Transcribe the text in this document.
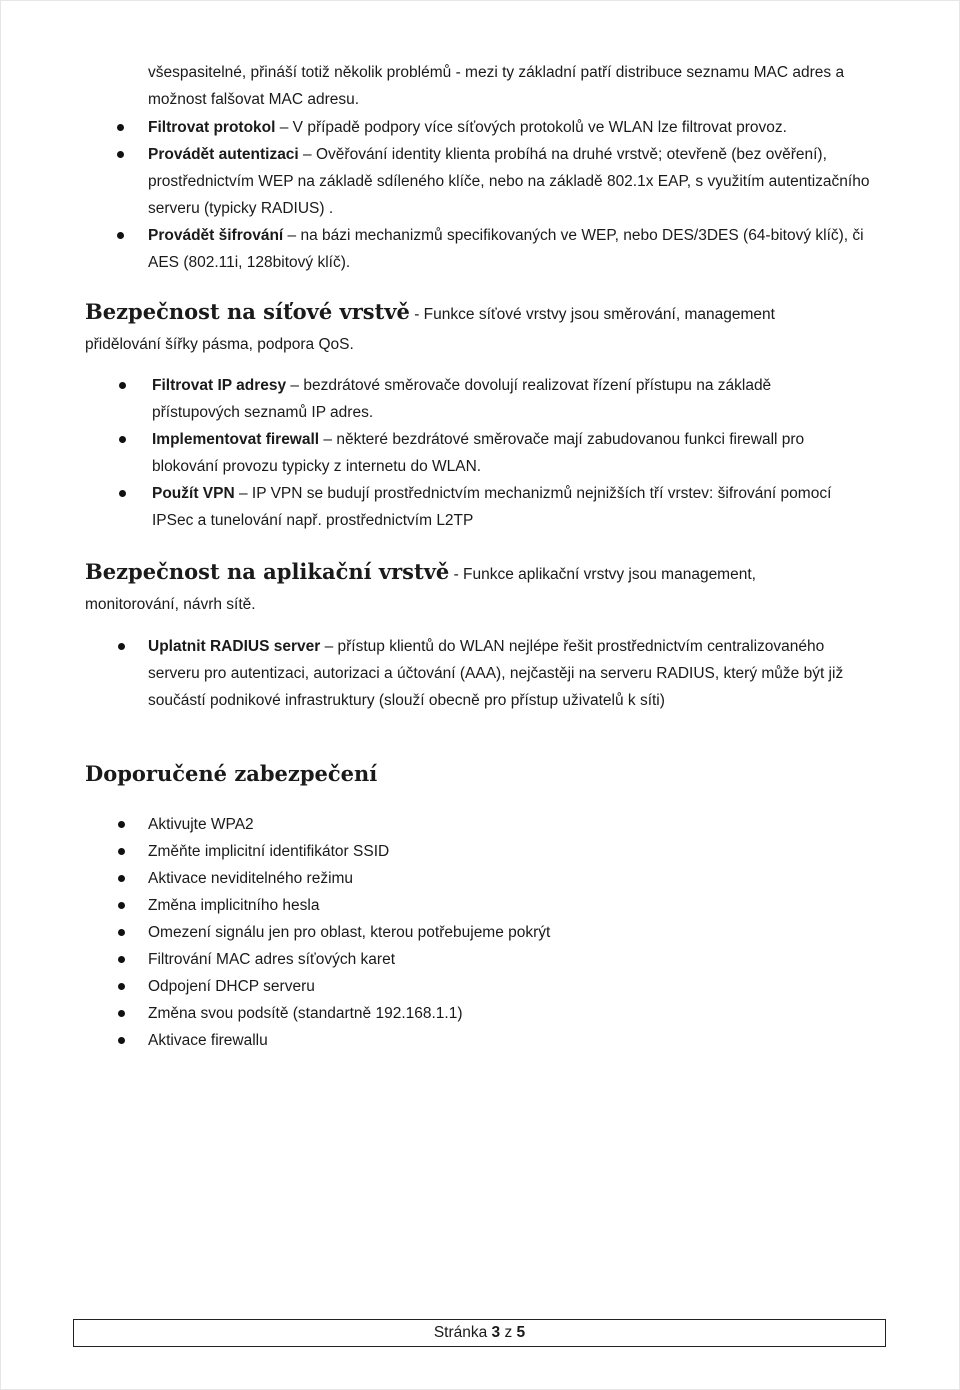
všespasitelné, přináší totiž několik problémů - mezi ty základní patří distribuce seznamu MAC adres a možnost falšovat MAC adresu.

Filtrovat protokol – V případě podpory více síťových protokolů ve WLAN lze filtrovat provoz.
Provádět autentizaci – Ověřování identity klienta probíhá na druhé vrstvě; otevřeně (bez ověření), prostřednictvím WEP na základě sdíleného klíče, nebo na základě 802.1x EAP, s využitím autentizačního serveru (typicky RADIUS) .
Provádět šifrování – na bázi mechanizmů specifikovaných ve WEP, nebo DES/3DES (64-bitový klíč), či AES (802.11i, 128bitový klíč).
Bezpečnost na síťové vrstvě - Funkce síťové vrstvy jsou směrování, management přidělování šířky pásma, podpora QoS.
Filtrovat IP adresy – bezdrátové směrovače dovolují realizovat řízení přístupu na základě přístupových seznamů IP adres.
Implementovat firewall – některé bezdrátové směrovače mají zabudovanou funkci firewall pro blokování provozu typicky z internetu do WLAN.
Použít VPN – IP VPN se budují prostřednictvím mechanizmů nejnižších tří vrstev: šifrování pomocí IPSec a tunelování např. prostřednictvím L2TP
Bezpečnost na aplikační vrstvě - Funkce aplikační vrstvy jsou management, monitorování, návrh sítě.
Uplatnit RADIUS server – přístup klientů do WLAN nejlépe řešit prostřednictvím centralizovaného serveru pro autentizaci, autorizaci a účtování (AAA), nejčastěji na serveru RADIUS, který může být již součástí podnikové infrastruktury (slouží obecně pro přístup uživatelů k síti)
Doporučené zabezpečení
Aktivujte WPA2
Změňte implicitní identifikátor SSID
Aktivace neviditelného režimu
Změna implicitního hesla
Omezení signálu jen pro oblast, kterou potřebujeme pokrýt
Filtrování MAC adres síťových karet
Odpojení DHCP serveru
Změna svou podsítě (standartně 192.168.1.1)
Aktivace firewallu
Stránka 3 z 5
